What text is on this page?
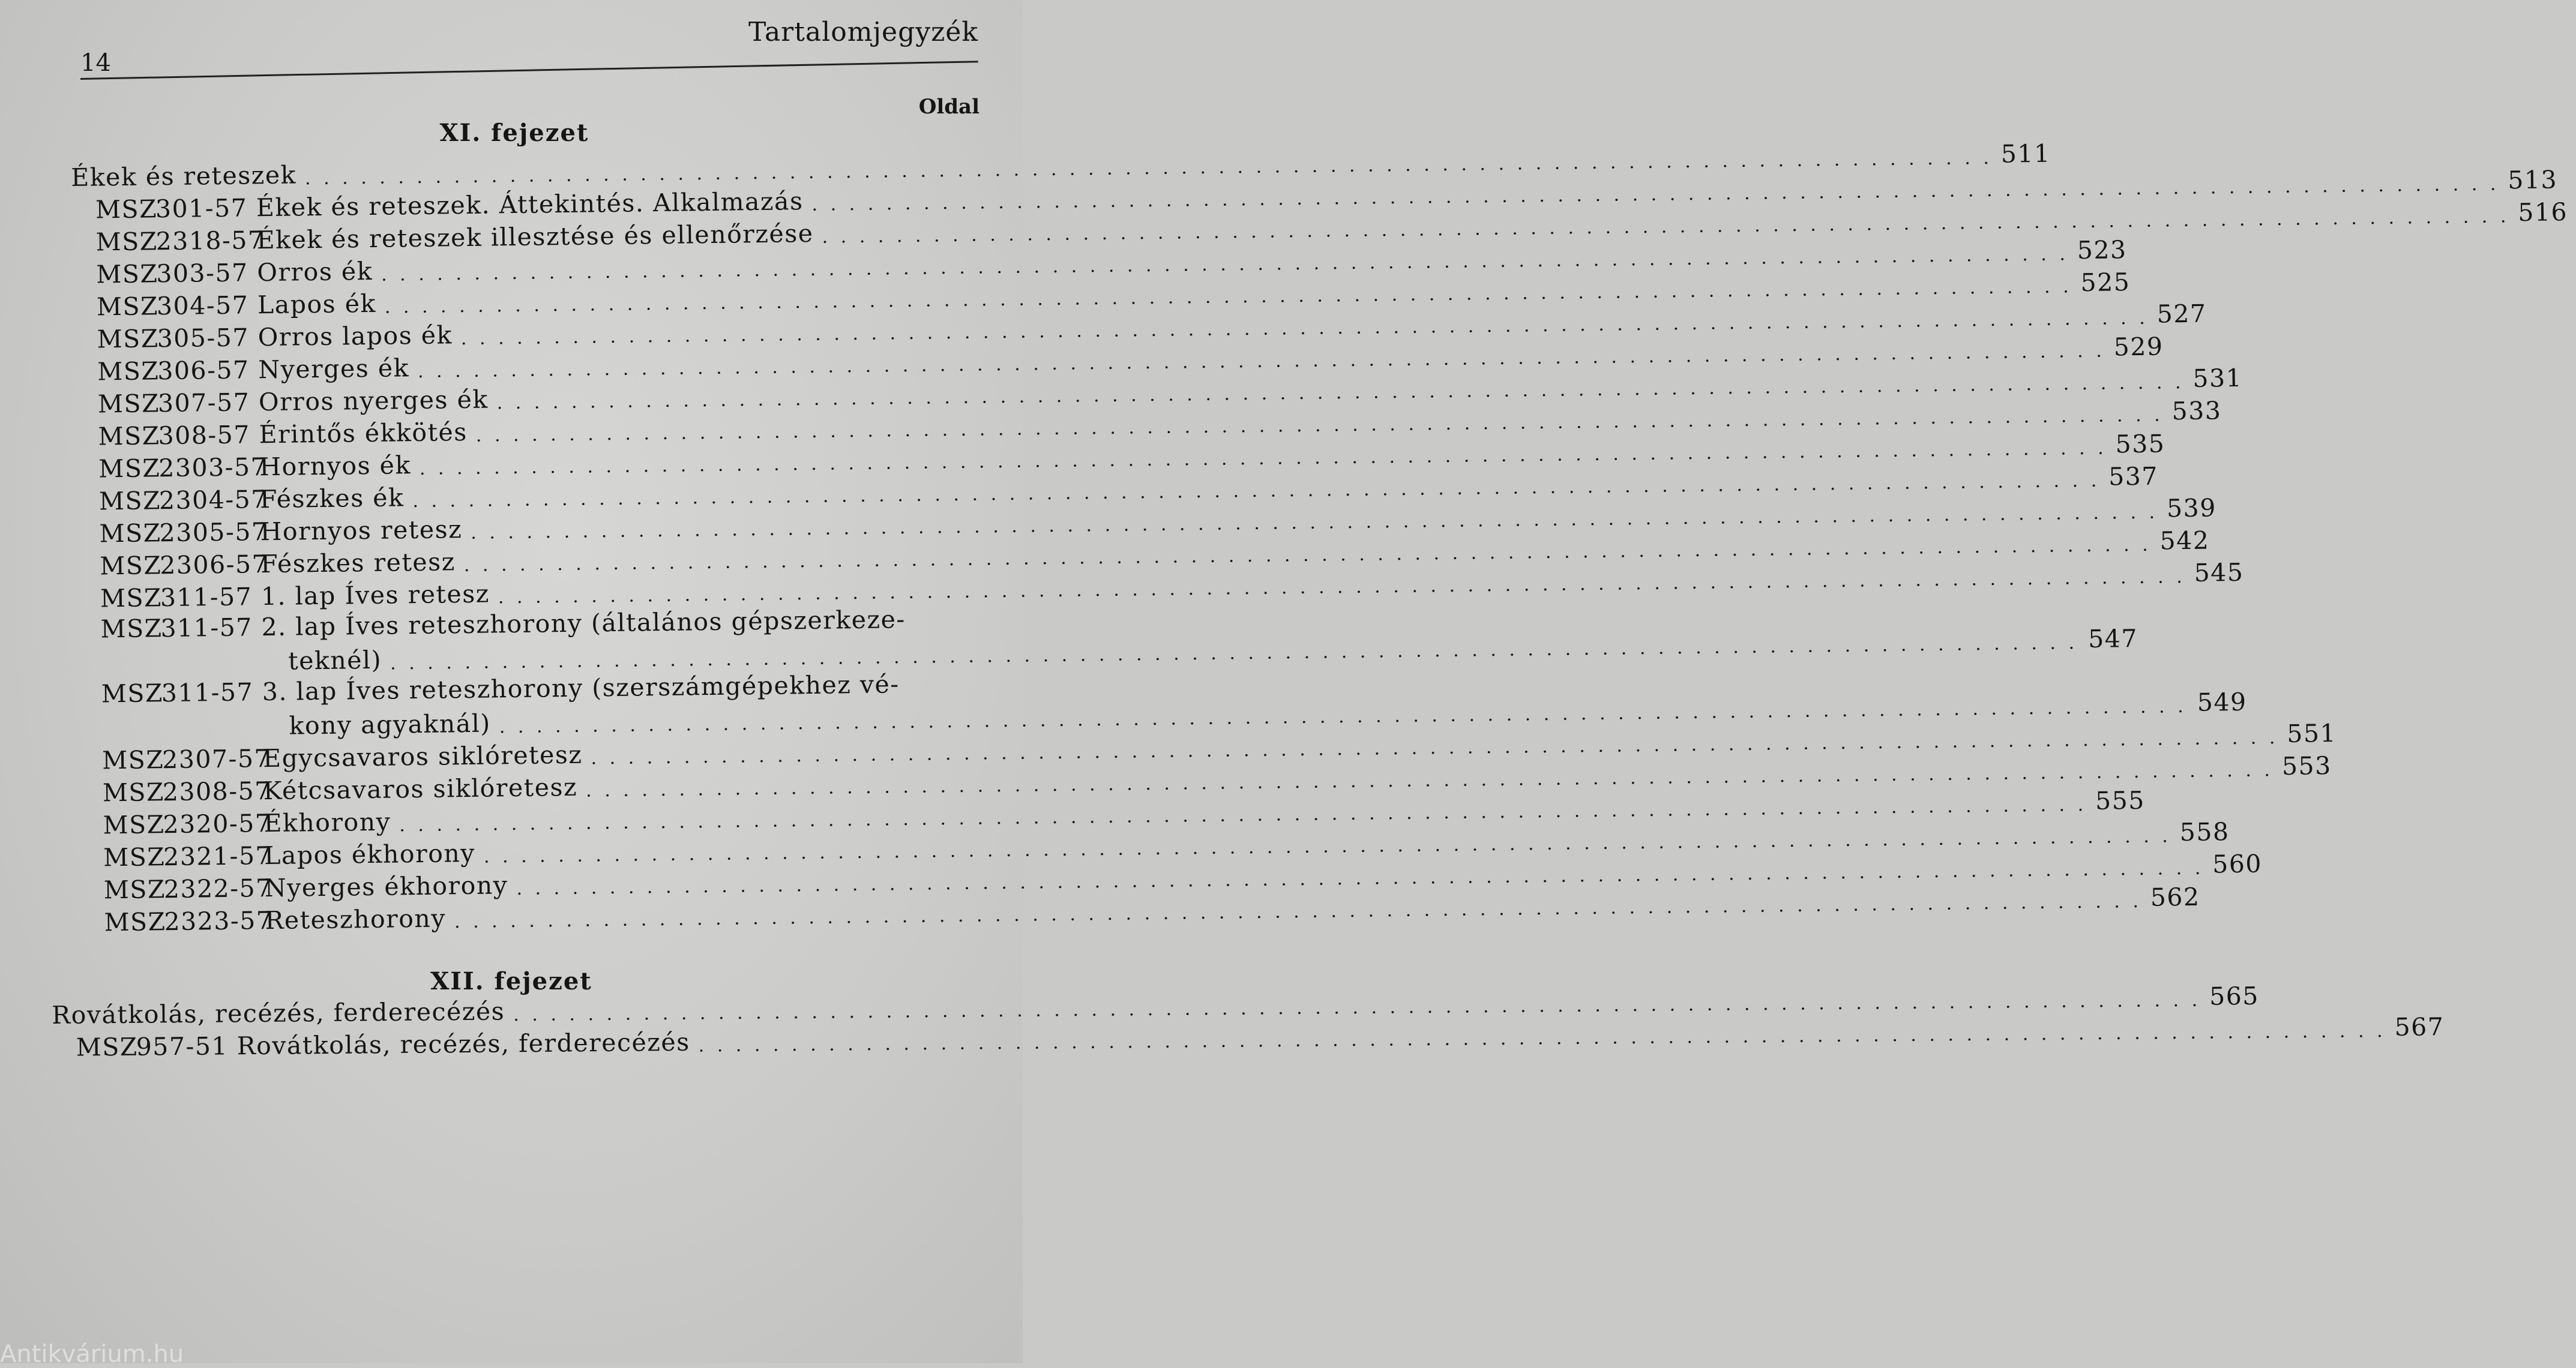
Tartalomjegyzék
14
Oldal
XI. fejezet
Ékek és reteszek
. . .
511
MSZ
301-57 Ékek és reteszek. Áttekintés. Alkalmazás
. . .
513
MSZ
2318-57
Ékek és reteszek illesztése és ellenőrzése
. . .
516
MSZ
303-57 Orros ék
. . .
523
MSZ
304-57 Lapos ék
. . .
525
MSZ
305-57 Orros lapos ék
. . .
527
MSZ
306-57 Nyerges ék
. . .
529
MSZ
307-57 Orros nyerges ék
. . .
531
MSZ
308-57 Érintős ékkötés
. . .
533
MSZ
2303-57
Hornyos ék
. . .
535
MSZ
2304-57
Fészkes ék
. . .
537
MSZ
2305-57
Hornyos retesz
. . .
539
MSZ
2306-57
Fészkes retesz
. . .
542
MSZ
311-57 1. lap Íves retesz
. . .
545
MSZ
311-57 2. lap Íves reteszhorony (általános gépszerkeze-
teknél)
. . .
547
MSZ
311-57 3. lap Íves reteszhorony (szerszámgépekhez vé-
kony agyaknál)
. . .
549
MSZ
2307-57
Egycsavaros siklóretesz
. . .
551
MSZ
2308-57
Kétcsavaros siklóretesz
. . .
553
MSZ
2320-57
Ékhorony
. . .
555
MSZ
2321-57
Lapos ékhorony
. . .
558
MSZ
2322-57
Nyerges ékhorony
. . .
560
MSZ
2323-57
Reteszhorony
. . .
562
XII. fejezet
Rovátkolás, recézés, ferderecézés
. . .
565
MSZ
957-51 Rovátkolás, recézés, ferderecézés
. . .
567
Antikvárium.hu
